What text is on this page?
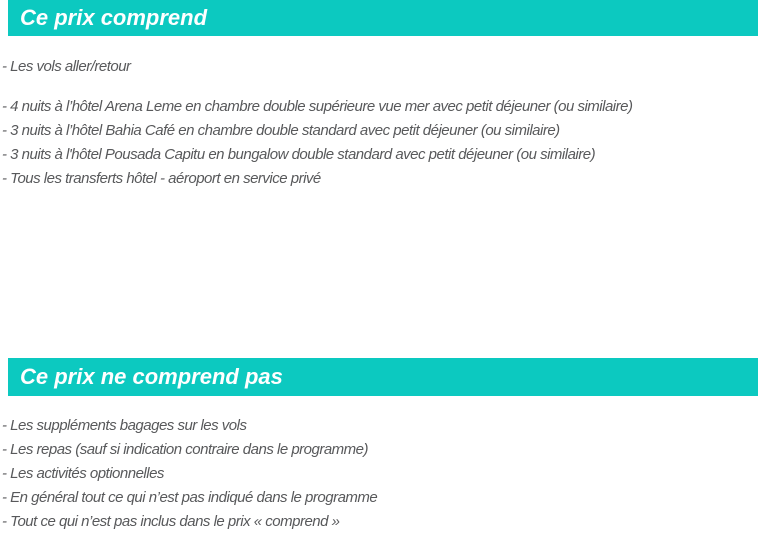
Ce prix comprend
- Les vols aller/retour
- 4 nuits à l’hôtel Arena Leme en chambre double supérieure vue mer avec petit déjeuner (ou similaire)
- 3 nuits à l’hôtel Bahia Café en chambre double standard avec petit déjeuner (ou similaire)
- 3 nuits à l'hôtel Pousada Capitu en bungalow double standard avec petit déjeuner (ou similaire)
- Tous les transferts hôtel - aéroport en service privé
Ce prix ne comprend pas
- Les suppléments bagages sur les vols
- Les repas (sauf si indication contraire dans le programme)
- Les activités optionnelles
- En général tout ce qui n’est pas indiqué dans le programme
- Tout ce qui n’est pas inclus dans le prix « comprend »
